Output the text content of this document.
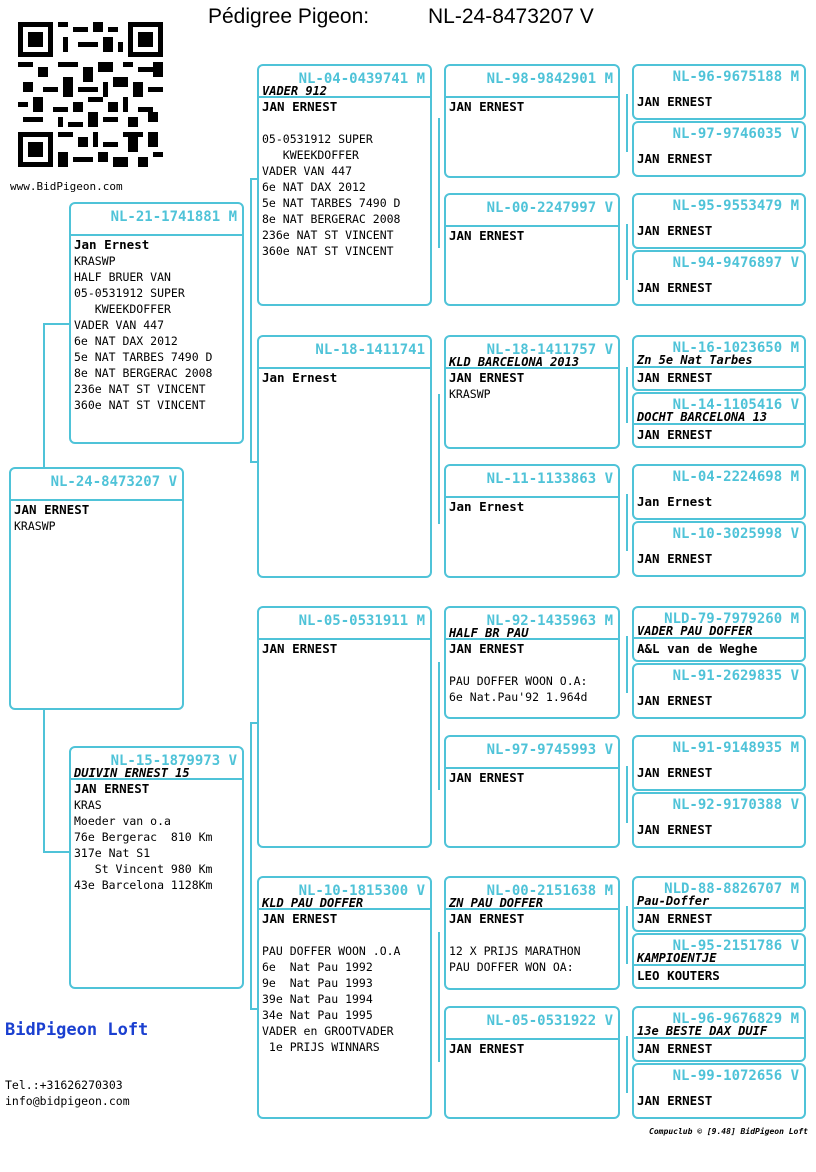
Pédigree Pigeon:	NL-24-8473207 V
www.BidPigeon.com
NL-24-8473207 V
JAN ERNEST
KRASWP
NL-21-1741881 M
Jan Ernest
KRASWP
HALF BRUER VAN
05-0531912 SUPER
KWEEKDOFFER
VADER VAN 447
6e NAT DAX 2012
5e NAT TARBES 7490 D
8e NAT BERGERAC 2008
236e NAT ST VINCENT
360e NAT ST VINCENT
NL-15-1879973 V
DUIVIN ERNEST 15
JAN ERNEST
KRAS
Moeder van o.a
76e Bergerac  810 Km
317e Nat S1
St Vincent 980 Km
43e Barcelona 1128Km
NL-04-0439741 M
VADER 912
JAN ERNEST

05-0531912 SUPER
KWEEKDOFFER
VADER VAN 447
6e NAT DAX 2012
5e NAT TARBES 7490 D
8e NAT BERGERAC 2008
236e NAT ST VINCENT
360e NAT ST VINCENT
NL-18-1411741
Jan Ernest
NL-05-0531911 M
JAN ERNEST
NL-10-1815300 V
KLD PAU DOFFER
JAN ERNEST

PAU DOFFER WOON .O.A
6e  Nat Pau 1992
9e  Nat Pau 1993
39e Nat Pau 1994
34e Nat Pau 1995
VADER en GROOTVADER
1e PRIJS WINNARS
NL-98-9842901 M
JAN ERNEST
NL-00-2247997 V
JAN ERNEST
NL-18-1411757 V
KLD BARCELONA 2013
JAN ERNEST
KRASWP
NL-11-1133863 V
Jan Ernest
NL-92-1435963 M
HALF BR PAU
JAN ERNEST

PAU DOFFER WOON O.A:
6e Nat.Pau'92 1.964d
NL-97-9745993 V
JAN ERNEST
NL-00-2151638 M
ZN PAU DOFFER
JAN ERNEST

12 X PRIJS MARATHON
PAU DOFFER WON OA:
NL-05-0531922 V
JAN ERNEST
NL-96-9675188 M
JAN ERNEST
NL-97-9746035 V
JAN ERNEST
NL-95-9553479 M
JAN ERNEST
NL-94-9476897 V
JAN ERNEST
NL-16-1023650 M
Zn 5e Nat Tarbes
JAN ERNEST
NL-14-1105416 V
DOCHT BARCELONA 13
JAN ERNEST
NL-04-2224698 M
Jan Ernest
NL-10-3025998 V
JAN ERNEST
NLD-79-7979260 M
VADER PAU DOFFER
A&L van de Weghe
NL-91-2629835 V
JAN ERNEST
NL-91-9148935 M
JAN ERNEST
NL-92-9170388 V
JAN ERNEST
NLD-88-8826707 M
Pau-Doffer
JAN ERNEST
NL-95-2151786 V
KAMPIOENTJE
LEO KOUTERS
NL-96-9676829 M
13e BESTE DAX DUIF
JAN ERNEST
NL-99-1072656 V
JAN ERNEST
BidPigeon Loft
Tel.:+31626270303
info@bidpigeon.com
Compuclub © [9.48] BidPigeon Loft
